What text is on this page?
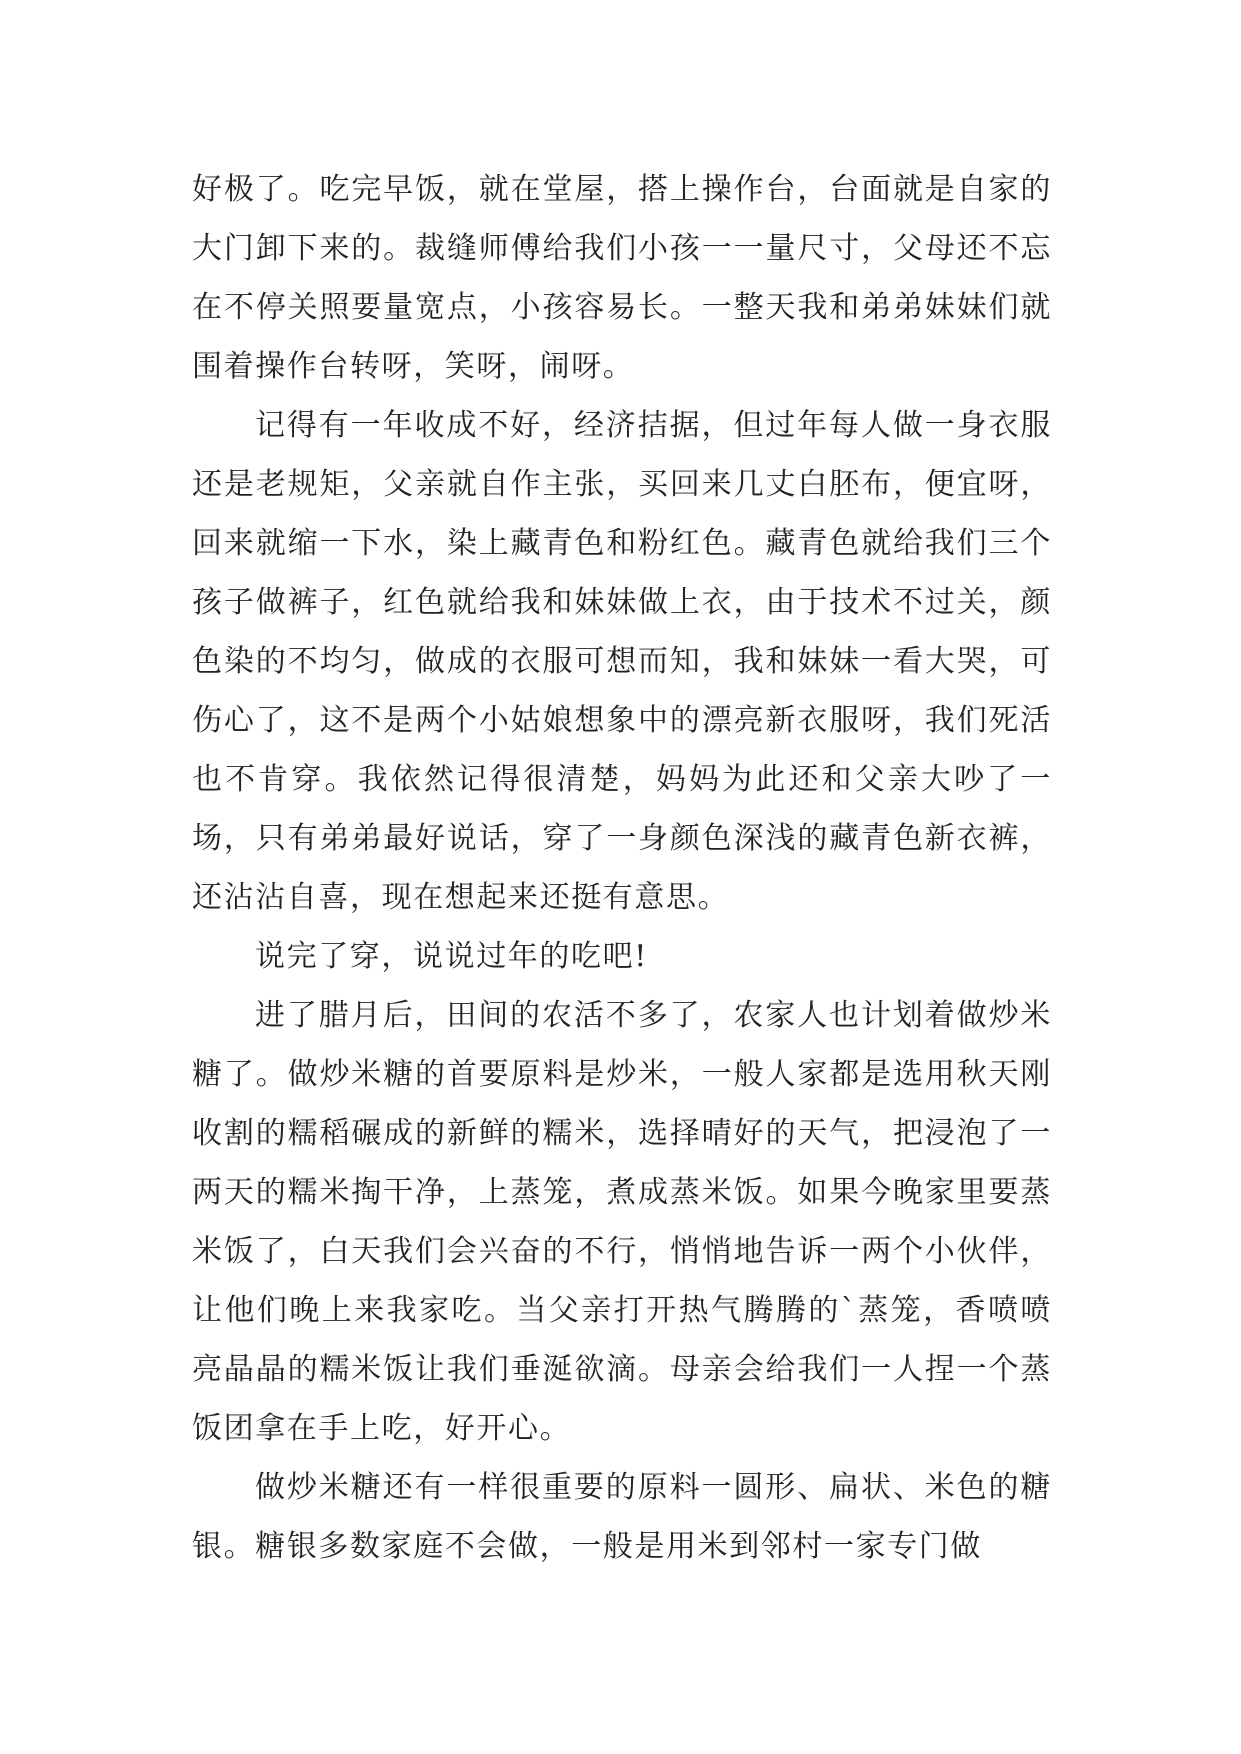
好极了。吃完早饭，就在堂屋，搭上操作台，台面就是自家的大门卸下来的。裁缝师傅给我们小孩一一量尺寸，父母还不忘在不停关照要量宽点，小孩容易长。一整天我和弟弟妹妹们就围着操作台转呀，笑呀，闹呀。

记得有一年收成不好，经济拮据，但过年每人做一身衣服还是老规矩，父亲就自作主张，买回来几丈白胚布，便宜呀，回来就缩一下水，染上藏青色和粉红色。藏青色就给我们三个孩子做裤子，红色就给我和妹妹做上衣，由于技术不过关，颜色染的不均匀，做成的衣服可想而知，我和妹妹一看大哭，可伤心了，这不是两个小姑娘想象中的漂亮新衣服呀，我们死活也不肯穿。我依然记得很清楚，妈妈为此还和父亲大吵了一场，只有弟弟最好说话，穿了一身颜色深浅的藏青色新衣裤，还沾沾自喜，现在想起来还挺有意思。

说完了穿，说说过年的吃吧!

进了腊月后，田间的农活不多了，农家人也计划着做炒米糖了。做炒米糖的首要原料是炒米，一般人家都是选用秋天刚收割的糯稻碾成的新鲜的糯米，选择晴好的天气，把浸泡了一两天的糯米掏干净，上蒸笼，煮成蒸米饭。如果今晚家里要蒸米饭了，白天我们会兴奋的不行，悄悄地告诉一两个小伙伴，让他们晚上来我家吃。当父亲打开热气腾腾的`蒸笼，香喷喷亮晶晶的糯米饭让我们垂涎欲滴。母亲会给我们一人捏一个蒸饭团拿在手上吃，好开心。

做炒米糖还有一样很重要的原料一圆形、扁状、米色的糖银。糖银多数家庭不会做，一般是用米到邻村一家专门做
